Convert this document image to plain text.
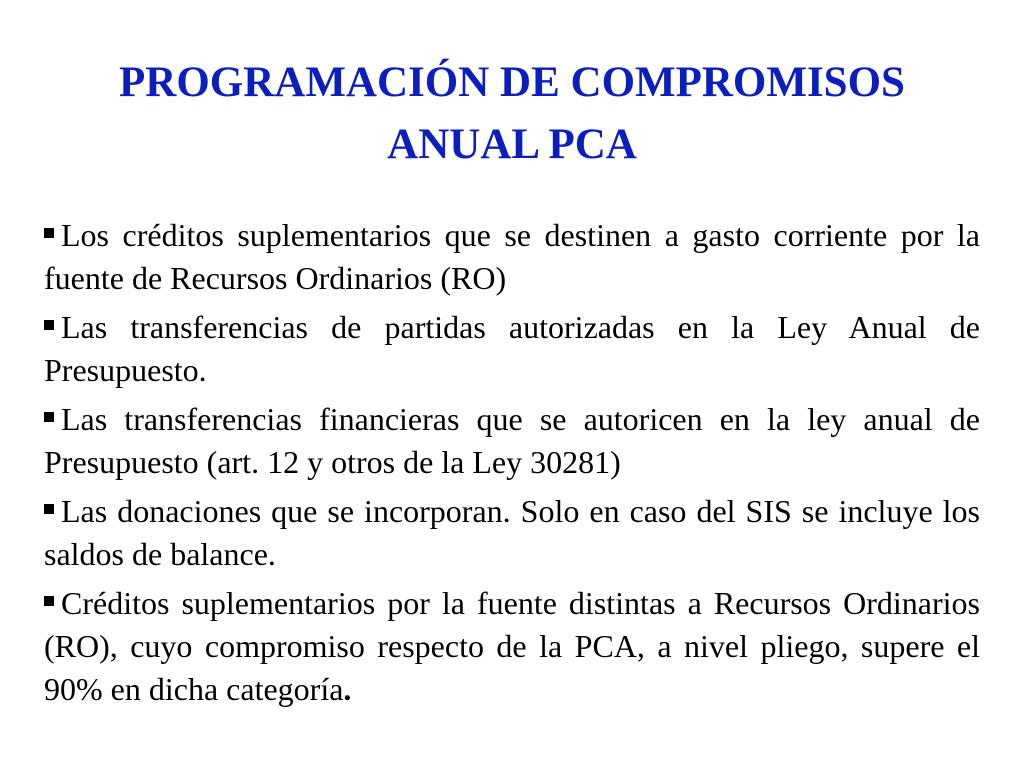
PROGRAMACIÓN DE COMPROMISOS
ANUAL PCA
Los créditos suplementarios que se destinen a gasto corriente por la fuente de Recursos Ordinarios (RO)
Las transferencias de partidas autorizadas en la Ley Anual de Presupuesto.
Las transferencias financieras que se autoricen en la ley anual de Presupuesto (art. 12 y otros de la Ley 30281)
Las donaciones que se incorporan. Solo en caso del SIS se incluye los saldos de balance.
Créditos suplementarios por la fuente distintas a Recursos Ordinarios (RO), cuyo compromiso respecto de la PCA, a nivel pliego, supere el 90% en dicha categoría.
